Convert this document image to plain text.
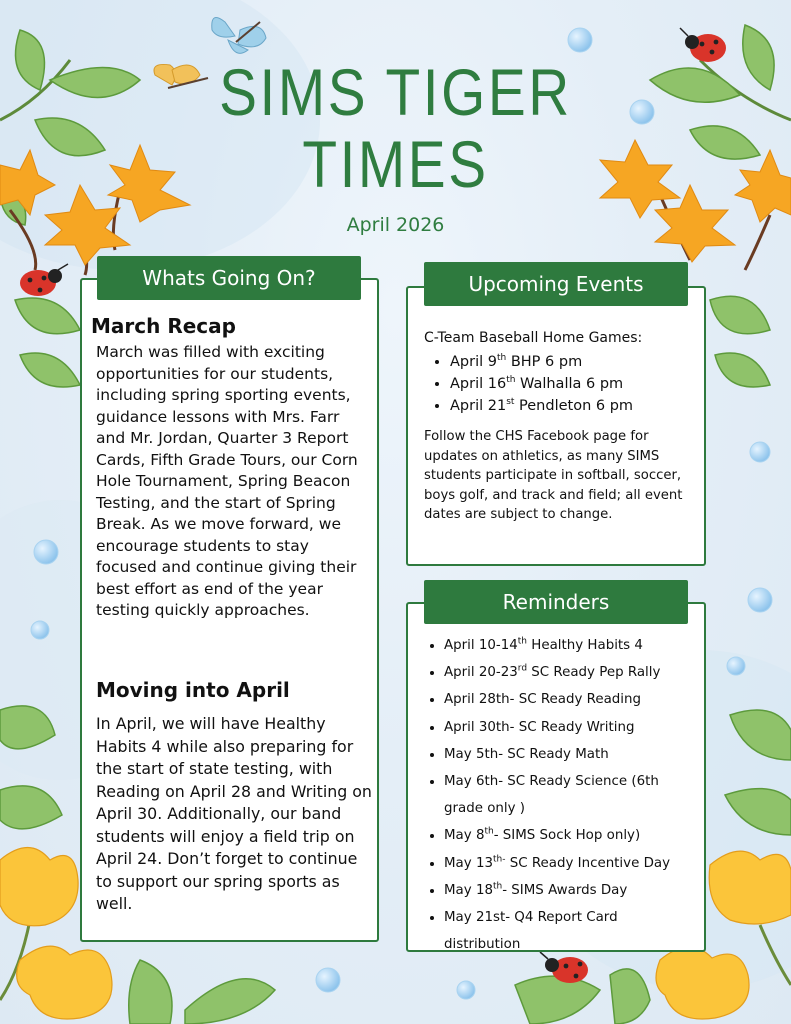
SIMS TIGER
TIMES
April 2026
Whats Going On?
March Recap
March was filled with exciting opportunities for our students, including spring sporting events, guidance lessons with Mrs. Farr and Mr. Jordan, Quarter 3 Report Cards, Fifth Grade Tours, our Corn Hole Tournament, Spring Beacon Testing, and the start of Spring Break. As we move forward, we encourage students to stay focused and continue giving their best effort as end of the year testing quickly approaches.
Moving into April
In April, we will have Healthy Habits 4 while also preparing for the start of state testing, with Reading on April 28 and Writing on April 30. Additionally, our band students will enjoy a field trip on April 24. Don’t forget to continue to support our spring sports as well.
Upcoming Events
C-Team Baseball Home Games:
• April 9th BHP 6 pm
• April 16th Walhalla 6 pm
• April 21st Pendleton 6 pm
Follow the CHS Facebook page for updates on athletics, as many SIMS students participate in softball, soccer, boys golf, and track and field; all event dates are subject to change.
Reminders
• April 10-14th Healthy Habits 4
• April 20-23rd SC Ready Pep Rally
• April 28th- SC Ready Reading
• April 30th- SC Ready Writing
• May 5th- SC Ready Math
• May 6th- SC Ready Science (6th grade only )
• May 8th- SIMS Sock Hop only)
• May $13^{th-}$ SC Ready Incentive Day
• May 18th- SIMS Awards Day
• May 21st- Q4 Report Card distribution
